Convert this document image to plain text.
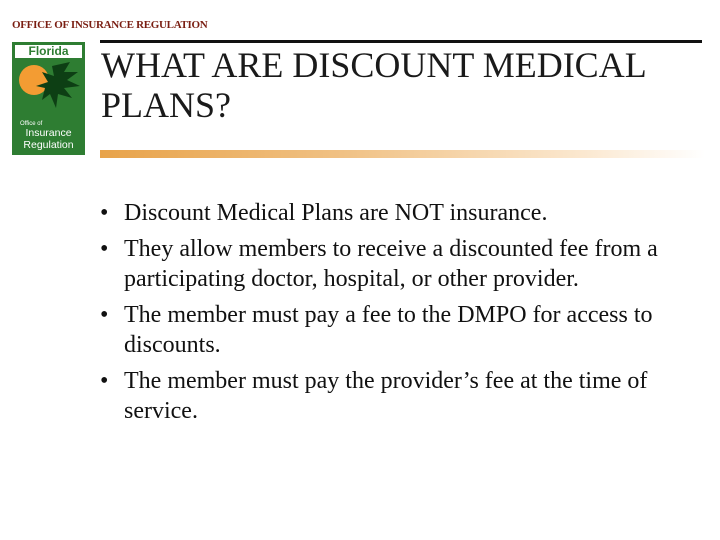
OFFICE OF INSURANCE REGULATION
Florida
Office of
Insurance
Regulation
WHAT ARE DISCOUNT MEDICAL PLANS?
• Discount Medical Plans are NOT insurance.
• They allow members to receive a discounted fee from a participating doctor, hospital, or other provider.
• The member must pay a fee to the DMPO for access to discounts.
• The member must pay the provider’s fee at the time of service.
